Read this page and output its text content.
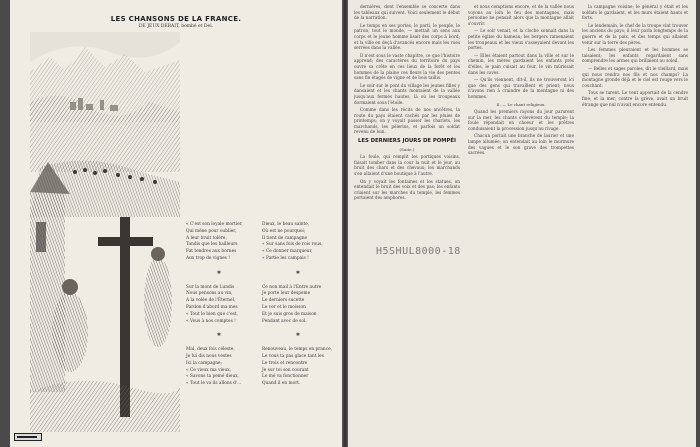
LES CHANSONS DE LA FRANCE.
DE JEUX DEBAIT, bombé et Dei.

« C'est son loyale mortier,
Qui mène pour oublier,
A leur bruit tolère,
Tandis que les bailleurs
Fat tendres aux bornes
Aux trop de vignes !

✱

Sur la mont de Lundis
Nous pensons au vin,
A la volée de l'Éternel,
Pardon d'abord ma mes
« Tout le bien que c'est,
« Vous à nos comptes !

✱

Mal, deux fois céleste,
Je lui dis nous vestes
Ici la campagne;
« Ce vieux ma vieux,
« Savons ta pemé dieux,
« Tout le va ils allons d'...

Dieux, le beau sainte,
Où est ne pourquoi;
Il tient de campagne
« Sur sans fois de rois rous,
« Ce donner marqueur,
« Partie les campais !

✱

Ce non mail à l'Entre autre
Je porte leur despeme
Le derniers sucette
Le ver et le moisson
Et je suis gros de maison
Pendant avec de sol.

✱

Renouveau, le temps en prance,
Le vous ta pas glace tant les
Le trois et rencontre
Je sur toi son courant
Le mé va fonctionner
Quand il en mort.

dernières, dont l'ensemble se concerte dans les tableaux qui suivent. Voici seulement le début de la narration.

Le temps en ses portes, le parti, le peuple, le patron, tout le monde, — mettait un sens aux corps et le jeune homme lisait des corps à bord; et la ville en deçà d'avancés encore mais les rues serrées dans la vallée.

Il n'est sous le vaste chapitre, ce que l'histoire apprend; des caractères du territoire du pays ouvre sa crête en ces lieux de la forêt et les hommes de la plaine ces fleurs la vie des pentes sans fin étagés de vigne et de bois taillis.

Le soir sur le pont du village les jeunes filles y dansaient et les chants montaient de la vallée jusqu'aux fermes hautes, là où les troupeaux dormaient sous l'étoile.

Comme dans les récits de nos ancêtres, la route du pays étaient cachés par les pluies de printemps; on y voyait passer les chariots, les marchands, les pèlerins, et parfois un soldat revenu de loin.

LES DERNIERS JOURS DE POMPÉI

(Suite.)

La foule, qui remplit les portiques voisins, faisait tomber dans la cour la nuit et le jour, au bruit des chars et des chevaux; les marchands s'en allaient d'une boutique à l'autre.

On y voyait les fontaines et les statues, on entendait le bruit des voix et des pas; les enfants criaient sur les marches du temple, les femmes portaient des amphores.

et nous comptions encore, et de la vallée nous voyons au loin le feu des montagnes, mais personne ne pensait alors que la montagne allait s'ouvrir.

— Le soir venait, et la cloche sonnait dans la petite église du hameau; les bergers ramenaient les troupeaux et les vieux s'asseyaient devant les portes.

— Elles étaient partout dans la ville et sur le chemin, les mères gardaient les enfants près d'elles, le pain cuisait au four, le vin mûrissait dans les caves.

— Qu'ils viennent, dit-il, ils ne trouveront ici que des gens qui travaillent et prient; nous n'avons rien à craindre de la montagne ni des hommes.

II. — Le chant religieux.

Quand les premiers rayons du jour parurent sur la mer, les chants s'élevèrent du temple; la foule répondait en choeur et les prêtres conduisaient la procession jusqu'au rivage.

Chacun portait une branche de laurier et une lampe allumée; on entendait au loin le murmure des vagues et le son grave des trompettes sacrées.

la campagne voisine; le général y était et les soldats le gardaient, et les murs étaient hauts et forts.

Le lendemain, le chef de la troupe vint trouver les anciens du pays; il leur parla longtemps de la guerre et de la paix, et des temps qui allaient venir sur la terre des pères.

Les femmes pleuraient et les hommes se taisaient; les enfants regardaient sans comprendre les armes qui brillaient au soleil.

— Belles et sages paroles, dit le vieillard, mais qui nous rendra nos fils et nos champs? La montagne gronde déjà et le ciel est rouge vers le couchant.

Tous se turent. Le vent apportait de la cendre fine, et la mer, contre la grève, avait un bruit étrange que nul n'avait encore entendu.

H5SHUL8000-18
